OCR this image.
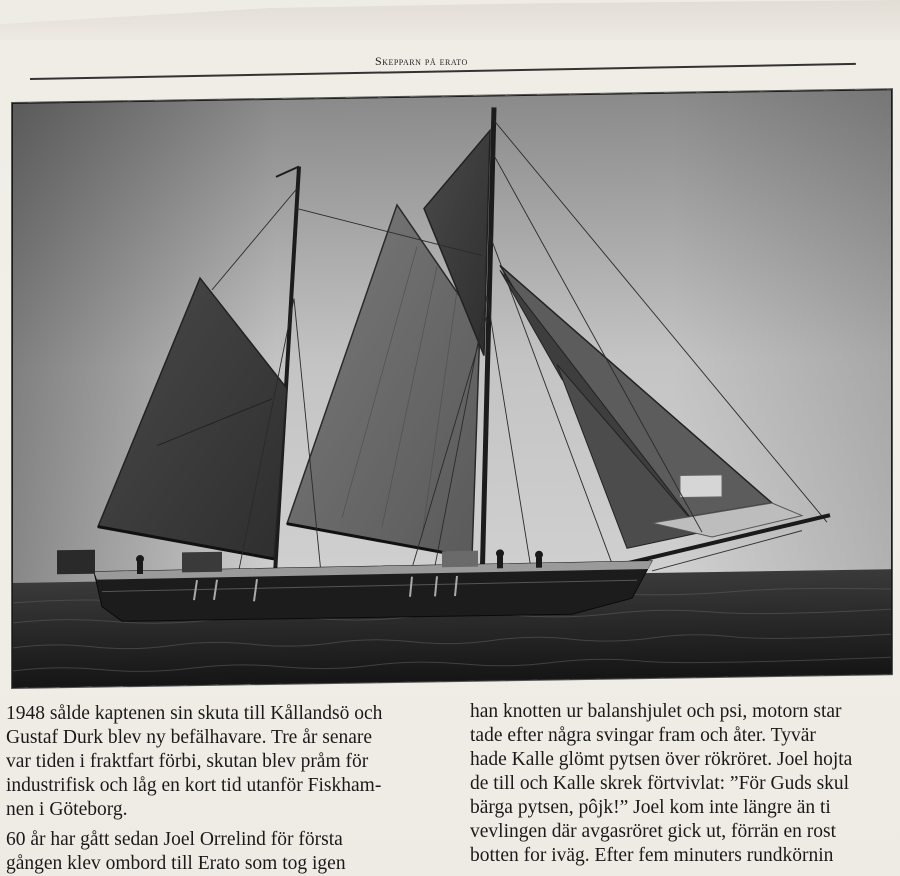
Skepparn på erato
1948 sålde kaptenen sin skuta till Kållandsö och
Gustaf Durk blev ny befälhavare. Tre år senare
var tiden i fraktfart förbi, skutan blev pråm för
industrifisk och låg en kort tid utanför Fiskham-
nen i Göteborg.
60 år har gått sedan Joel Orrelind för första
gången klev ombord till Erato som tog igen
han knotten ur balanshjulet och psi, motorn star
tade efter några svingar fram och åter. Tyvär
hade Kalle glömt pytsen över rökröret. Joel hojta
de till och Kalle skrek förtvivlat: ”För Guds skul
bärga pytsen, pôjk!” Joel kom inte längre än ti
vevlingen där avgasröret gick ut, förrän en rost
botten for iväg. Efter fem minuters rundkörnin
